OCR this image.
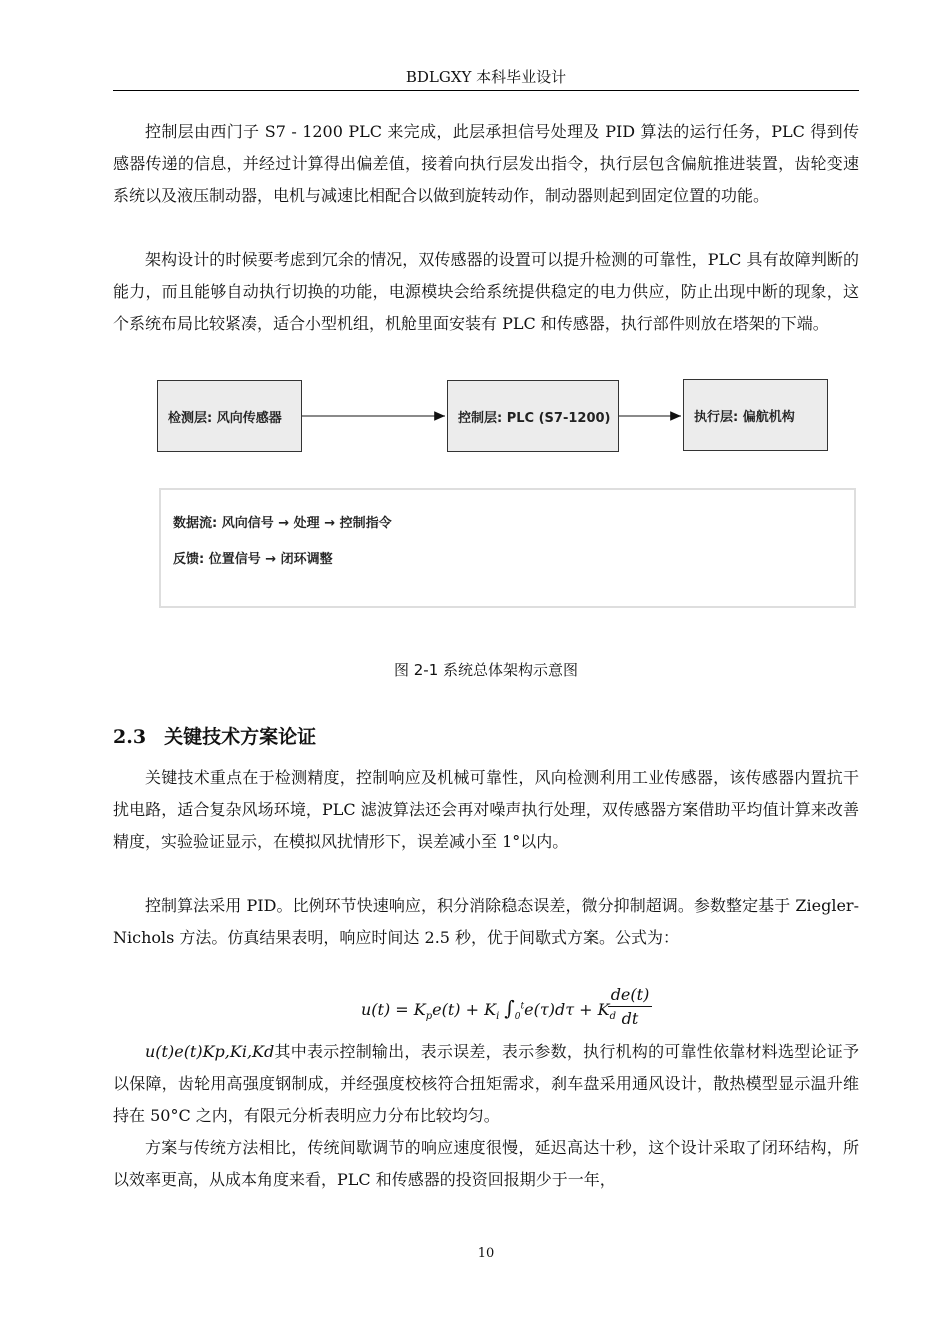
BDLGXY 本科毕业设计

控制层由西门子 S7 - 1200 PLC 来完成，此层承担信号处理及 PID 算法的运行任务，PLC 得到传感器传递的信息，并经过计算得出偏差值，接着向执行层发出指令，执行层包含偏航推进装置，齿轮变速系统以及液压制动器，电机与减速比相配合以做到旋转动作，制动器则起到固定位置的功能。

架构设计的时候要考虑到冗余的情况，双传感器的设置可以提升检测的可靠性，PLC 具有故障判断的能力，而且能够自动执行切换的功能，电源模块会给系统提供稳定的电力供应，防止出现中断的现象，这个系统布局比较紧凑，适合小型机组，机舱里面安装有 PLC 和传感器，执行部件则放在塔架的下端。

检测层: 风向传感器	控制层: PLC (S7-1200)	执行层: 偏航机构
数据流: 风向信号 → 处理 → 控制指令
反馈: 位置信号 → 闭环调整
图 2-1 系统总体架构示意图
2.3 关键技术方案论证

关键技术重点在于检测精度，控制响应及机械可靠性，风向检测利用工业传感器，该传感器内置抗干扰电路，适合复杂风场环境，PLC 滤波算法还会再对噪声执行处理，双传感器方案借助平均值计算来改善精度，实验验证显示，在模拟风扰情形下，误差减小至 1°以内。

控制算法采用 PID。比例环节快速响应，积分消除稳态误差，微分抑制超调。参数整定基于 Ziegler-Nichols 方法。仿真结果表明，响应时间达 2.5 秒，优于间歇式方案。公式为：

$u(t) = K_pe(t) + K_i$ $\int_0^te(\tau)d\tau + K_d$
$\frac{de(t)}{dt}$

u(t)e(t)Kp,Ki,Kd其中表示控制输出，表示误差，表示参数，执行机构的可靠性依靠材料选型论证予以保障，齿轮用高强度钢制成，并经强度校核符合扭矩需求，刹车盘采用通风设计，散热模型显示温升维持在 50°C 之内，有限元分析表明应力分布比较均匀。

方案与传统方法相比，传统间歇调节的响应速度很慢，延迟高达十秒，这个设计采取了闭环结构，所以效率更高，从成本角度来看，PLC 和传感器的投资回报期少于一年，

10
